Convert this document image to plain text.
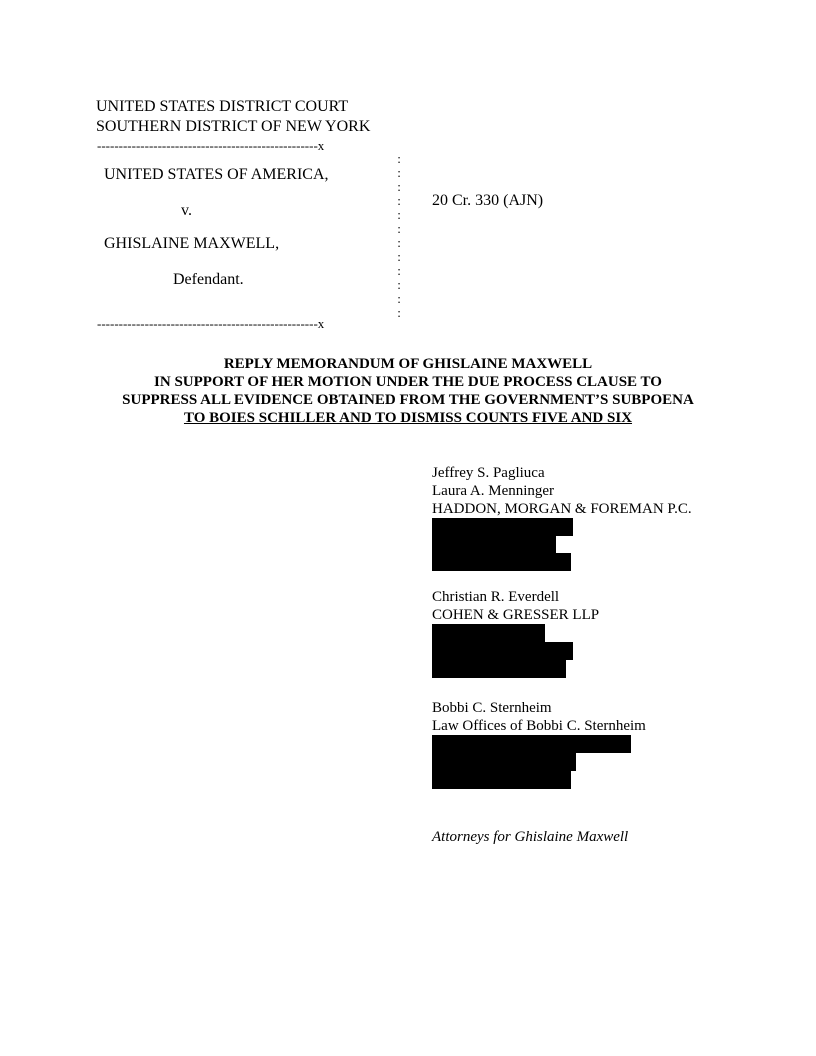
UNITED STATES DISTRICT COURT
SOUTHERN DISTRICT OF NEW YORK
---------------------------------------------------x
UNITED STATES OF AMERICA,
v.
GHISLAINE MAXWELL,
Defendant.
:
:
:
:
:
:
:
:
:
:
:
:
20 Cr. 330 (AJN)
---------------------------------------------------x
REPLY MEMORANDUM OF GHISLAINE MAXWELL
IN SUPPORT OF HER MOTION UNDER THE DUE PROCESS CLAUSE TO
SUPPRESS ALL EVIDENCE OBTAINED FROM THE GOVERNMENT’S SUBPOENA
TO BOIES SCHILLER AND TO DISMISS COUNTS FIVE AND SIX
Jeffrey S. Pagliuca
Laura A. Menninger
HADDON, MORGAN & FOREMAN P.C.
Christian R. Everdell
COHEN & GRESSER LLP
Bobbi C. Sternheim
Law Offices of Bobbi C. Sternheim
Attorneys for Ghislaine Maxwell
